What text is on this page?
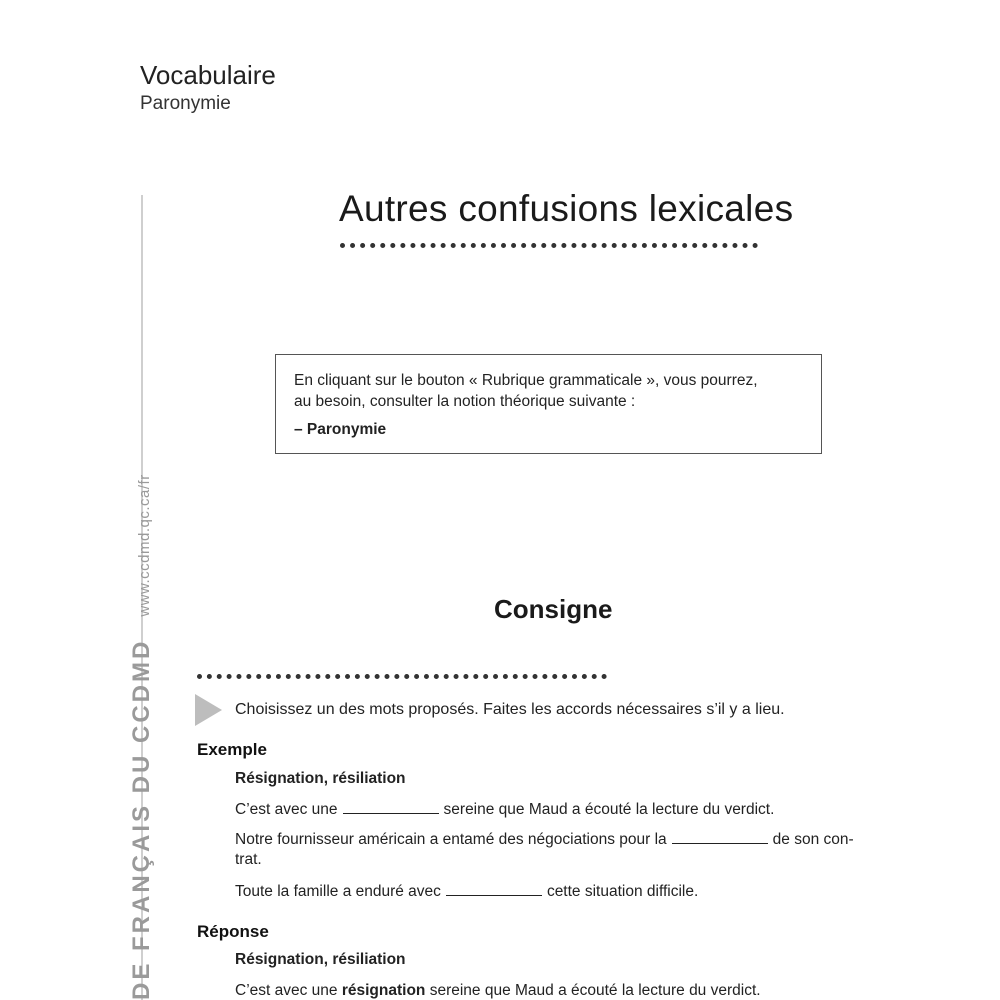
Vocabulaire
Paronymie
DE FRANÇAIS DU CCDMDwww.ccdmd.qc.ca/fr
Autres confusions lexicales
En cliquant sur le bouton « Rubrique grammaticale », vous pourrez,
au besoin, consulter la notion théorique suivante :
– Paronymie
Consigne
Choisissez un des mots proposés. Faites les accords nécessaires s’il y a lieu.
Exemple
Résignation, résiliation
C’est avec une	sereine que Maud a écouté la lecture du verdict.
Notre fournisseur américain a entamé des négociations pour la	de son con-
trat.
Toute la famille a enduré avec	cette situation difficile.
Réponse
Résignation, résiliation
C’est avec une résignation sereine que Maud a écouté la lecture du verdict.
